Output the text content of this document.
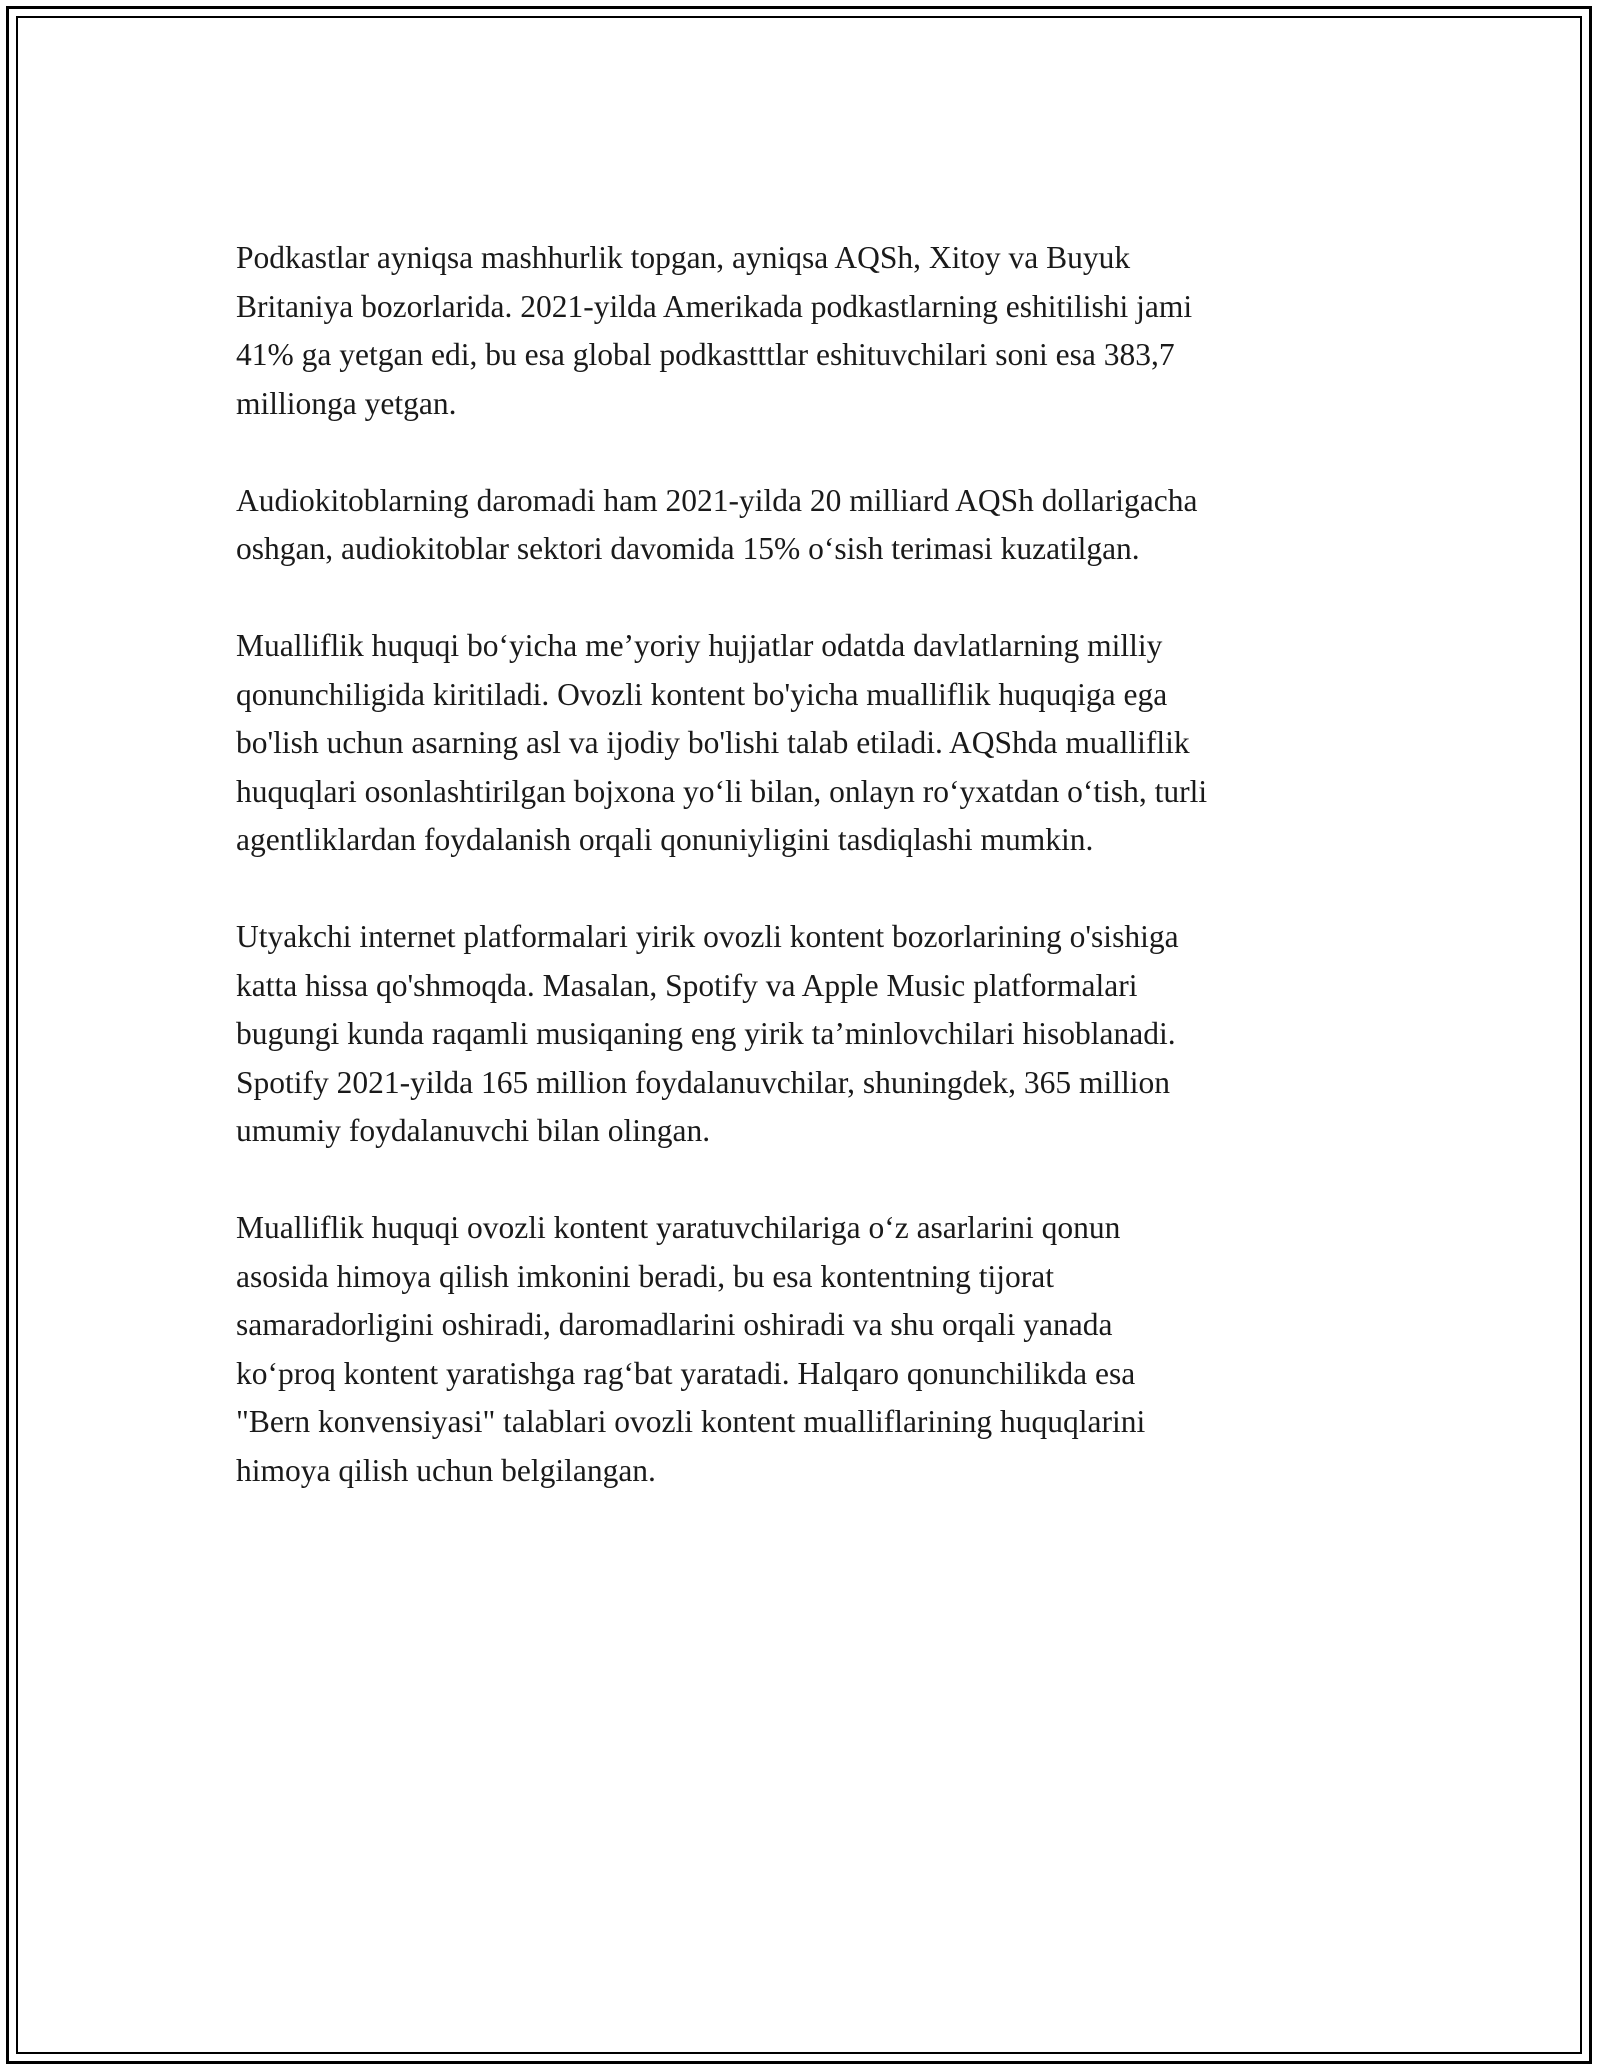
Podkastlar ayniqsa mashhurlik topgan, ayniqsa AQSh, Xitoy va Buyuk
Britaniya bozorlarida. 2021-yilda Amerikada podkastlarning eshitilishi jami
41% ga yetgan edi, bu esa global podkastttlar eshituvchilari soni esa 383,7
millionga yetgan.

Audiokitoblarning daromadi ham 2021-yilda 20 milliard AQSh dollarigacha
oshgan, audiokitoblar sektori davomida 15% o‘sish terimasi kuzatilgan.

Mualliflik huquqi bo‘yicha me’yoriy hujjatlar odatda davlatlarning milliy
qonunchiligida kiritiladi. Ovozli kontent bo'yicha mualliflik huquqiga ega
bo'lish uchun asarning asl va ijodiy bo'lishi talab etiladi. AQShda mualliflik
huquqlari osonlashtirilgan bojxona yo‘li bilan, onlayn ro‘yxatdan o‘tish, turli
agentliklardan foydalanish orqali qonuniyligini tasdiqlashi mumkin.

Utyakchi internet platformalari yirik ovozli kontent bozorlarining o'sishiga
katta hissa qo'shmoqda. Masalan, Spotify va Apple Music platformalari
bugungi kunda raqamli musiqaning eng yirik ta’minlovchilari hisoblanadi.
Spotify 2021-yilda 165 million foydalanuvchilar, shuningdek, 365 million
umumiy foydalanuvchi bilan olingan.

Mualliflik huquqi ovozli kontent yaratuvchilariga o‘z asarlarini qonun
asosida himoya qilish imkonini beradi, bu esa kontentning tijorat
samaradorligini oshiradi, daromadlarini oshiradi va shu orqali yanada
ko‘proq kontent yaratishga rag‘bat yaratadi. Halqaro qonunchilikda esa
"Bern konvensiyasi" talablari ovozli kontent mualliflarining huquqlarini
himoya qilish uchun belgilangan.
